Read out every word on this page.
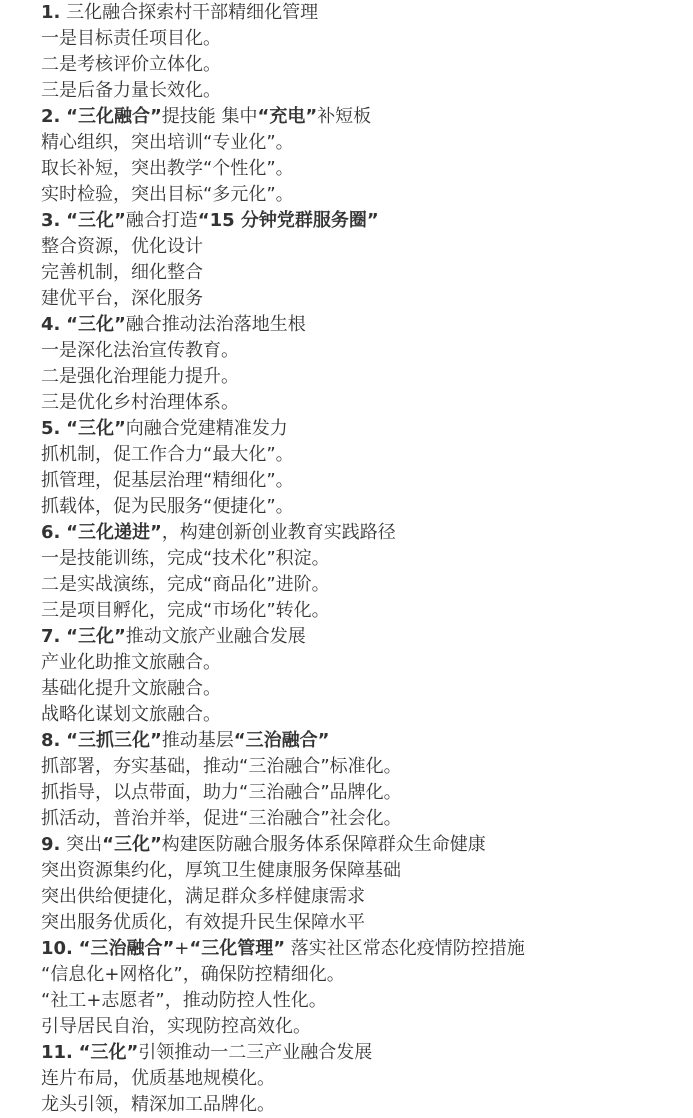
1. 三化融合探索村干部精细化管理
一是目标责任项目化。
二是考核评价立体化。
三是后备力量长效化。
2. “三化融合”提技能 集中“充电”补短板
精心组织，突出培训“专业化”。
取长补短，突出教学“个性化”。
实时检验，突出目标“多元化”。
3. “三化”融合打造“15 分钟党群服务圈”
整合资源，优化设计
完善机制，细化整合
建优平台，深化服务
4. “三化”融合推动法治落地生根
一是深化法治宣传教育。
二是强化治理能力提升。
三是优化乡村治理体系。
5. “三化”向融合党建精准发力
抓机制，促工作合力“最大化”。
抓管理，促基层治理“精细化”。
抓载体，促为民服务“便捷化”。
6. “三化递进”，构建创新创业教育实践路径
一是技能训练，完成“技术化”积淀。
二是实战演练，完成“商品化”进阶。
三是项目孵化，完成“市场化”转化。
7. “三化”推动文旅产业融合发展
产业化助推文旅融合。
基础化提升文旅融合。
战略化谋划文旅融合。
8. “三抓三化”推动基层“三治融合”
抓部署，夯实基础，推动“三治融合”标准化。
抓指导，以点带面，助力“三治融合”品牌化。
抓活动，普治并举，促进“三治融合”社会化。
9. 突出“三化”构建医防融合服务体系保障群众生命健康
突出资源集约化，厚筑卫生健康服务保障基础
突出供给便捷化，满足群众多样健康需求
突出服务优质化，有效提升民生保障水平
10. “三治融合”+“三化管理” 落实社区常态化疫情防控措施
“信息化+网格化”，确保防控精细化。
“社工+志愿者”，推动防控人性化。
引导居民自治，实现防控高效化。
11. “三化”引领推动一二三产业融合发展
连片布局，优质基地规模化。
龙头引领，精深加工品牌化。
